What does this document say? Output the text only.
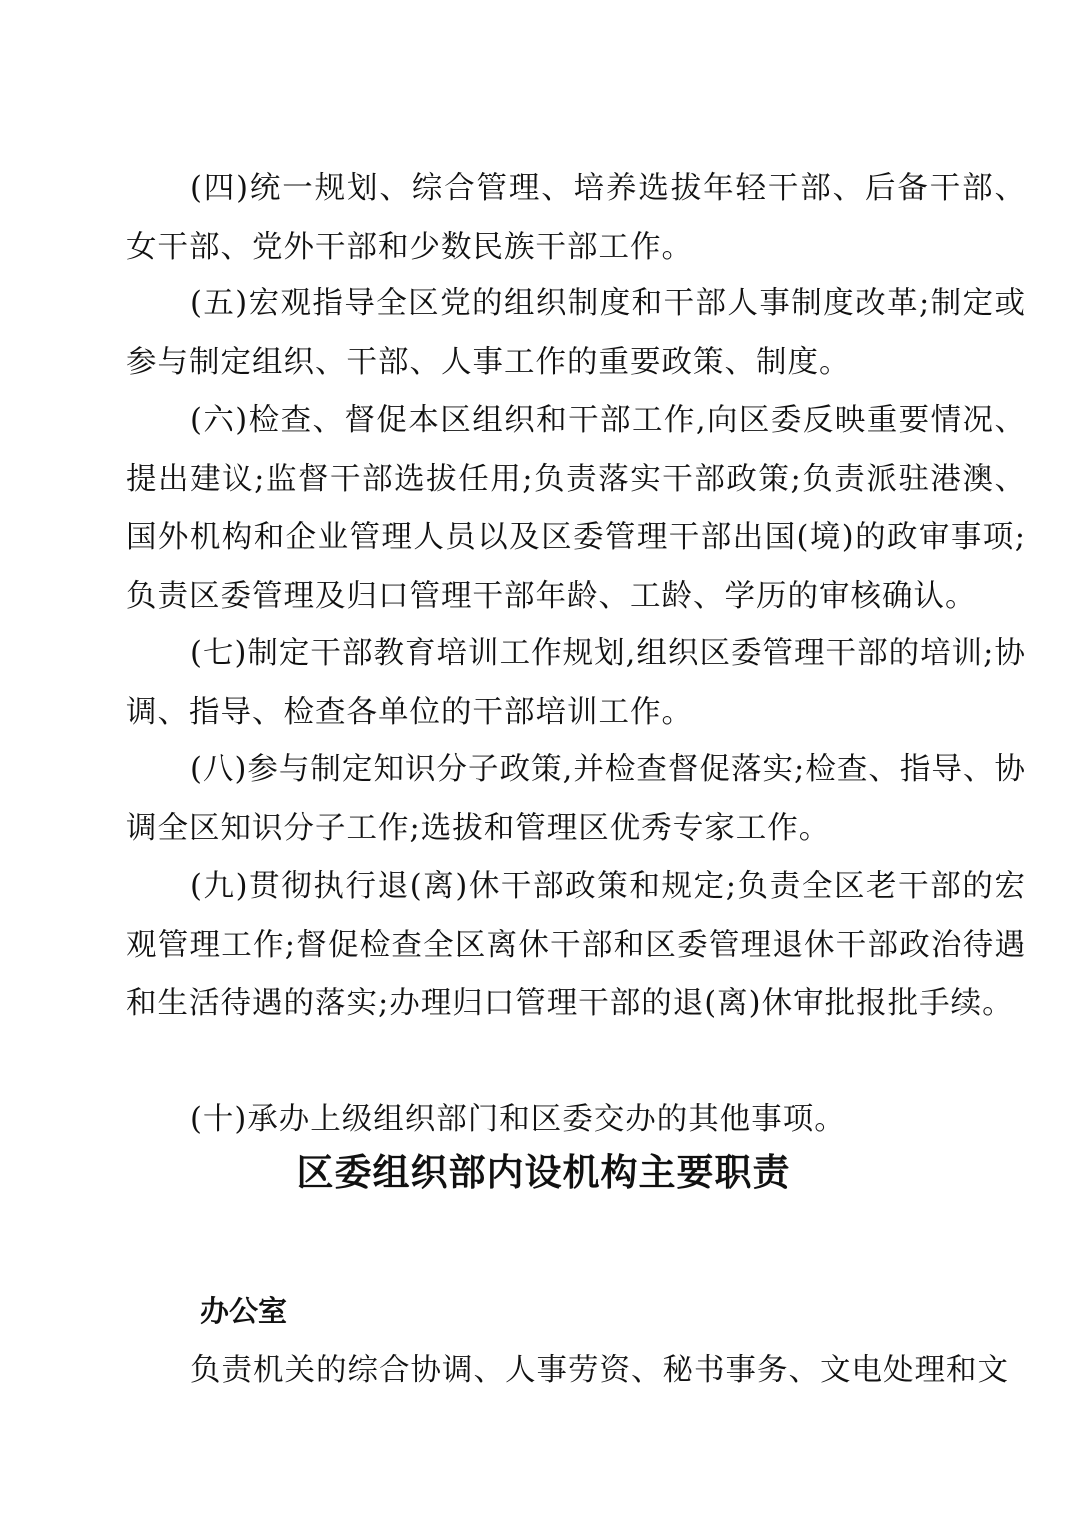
(四)统一规划、综合管理、培养选拔年轻干部、后备干部、女干部、党外干部和少数民族干部工作。

(五)宏观指导全区党的组织制度和干部人事制度改革;制定或参与制定组织、干部、人事工作的重要政策、制度。

(六)检查、督促本区组织和干部工作,向区委反映重要情况、提出建议;监督干部选拔任用;负责落实干部政策;负责派驻港澳、国外机构和企业管理人员以及区委管理干部出国(境)的政审事项;负责区委管理及归口管理干部年龄、工龄、学历的审核确认。

(七)制定干部教育培训工作规划,组织区委管理干部的培训;协调、指导、检查各单位的干部培训工作。

(八)参与制定知识分子政策,并检查督促落实;检查、指导、协调全区知识分子工作;选拔和管理区优秀专家工作。

(九)贯彻执行退(离)休干部政策和规定;负责全区老干部的宏观管理工作;督促检查全区离休干部和区委管理退休干部政治待遇和生活待遇的落实;办理归口管理干部的退(离)休审批报批手续。

(十)承办上级组织部门和区委交办的其他事项。

区委组织部内设机构主要职责
办公室

负责机关的综合协调、人事劳资、秘书事务、文电处理和文
